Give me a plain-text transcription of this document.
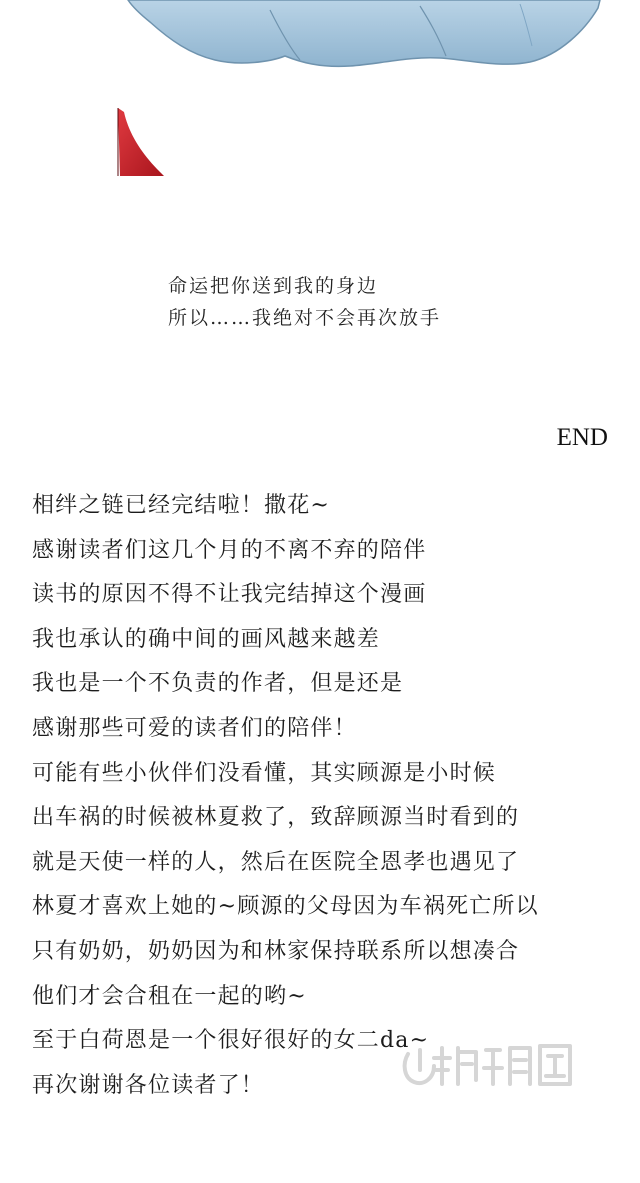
命运把你送到我的身边
所以……我绝对不会再次放手
END
相绊之链已经完结啦！撒花~
感谢读者们这几个月的不离不弃的陪伴
读书的原因不得不让我完结掉这个漫画
我也承认的确中间的画风越来越差
我也是一个不负责的作者，但是还是
感谢那些可爱的读者们的陪伴！
可能有些小伙伴们没看懂，其实顾源是小时候
出车祸的时候被林夏救了，致辞顾源当时看到的
就是天使一样的人，然后在医院全恩孝也遇见了
林夏才喜欢上她的~顾源的父母因为车祸死亡所以
只有奶奶，奶奶因为和林家保持联系所以想凑合
他们才会合租在一起的哟~
至于白荷恩是一个很好很好的女二da~
再次谢谢各位读者了！
